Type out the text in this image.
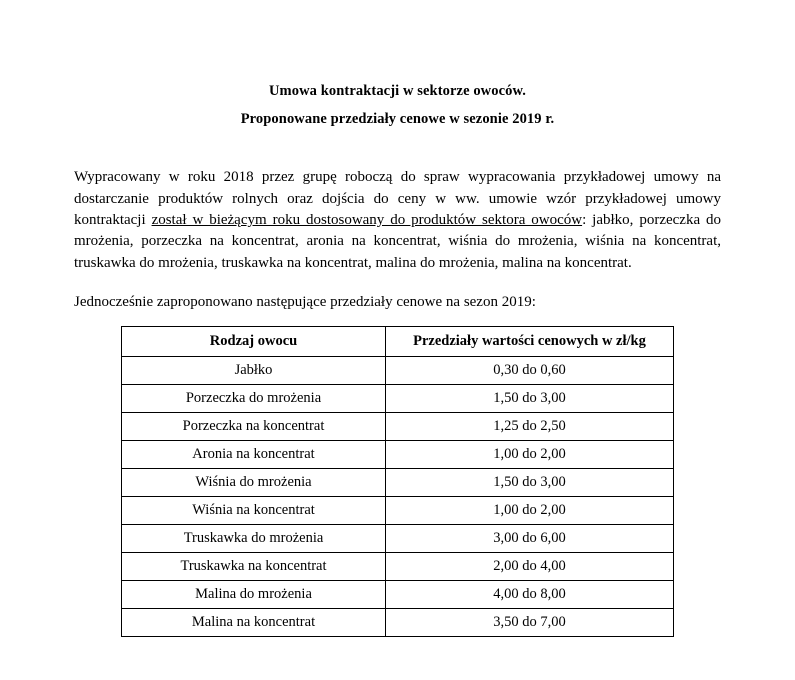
Umowa kontraktacji w sektorze owoców.
Proponowane przedziały cenowe w sezonie 2019 r.

Wypracowany w roku 2018 przez grupę roboczą do spraw wypracowania przykładowej umowy na dostarczanie produktów rolnych oraz dojścia do ceny w ww. umowie wzór przykładowej umowy kontraktacji został w bieżącym roku dostosowany do produktów sektora owoców: jabłko, porzeczka do mrożenia, porzeczka na koncentrat, aronia na koncentrat, wiśnia do mrożenia, wiśnia na koncentrat, truskawka do mrożenia, truskawka na koncentrat, malina do mrożenia, malina na koncentrat.

Jednocześnie zaproponowano następujące przedziały cenowe na sezon 2019:

Rodzaj owocu	Przedziały wartości cenowych w zł/kg
Jabłko	0,30 do 0,60
Porzeczka do mrożenia	1,50 do 3,00
Porzeczka na koncentrat	1,25 do 2,50
Aronia na koncentrat	1,00 do 2,00
Wiśnia do mrożenia	1,50 do 3,00
Wiśnia na koncentrat	1,00 do 2,00
Truskawka do mrożenia	3,00 do 6,00
Truskawka na koncentrat	2,00 do 4,00
Malina do mrożenia	4,00 do 8,00
Malina na koncentrat	3,50 do 7,00
